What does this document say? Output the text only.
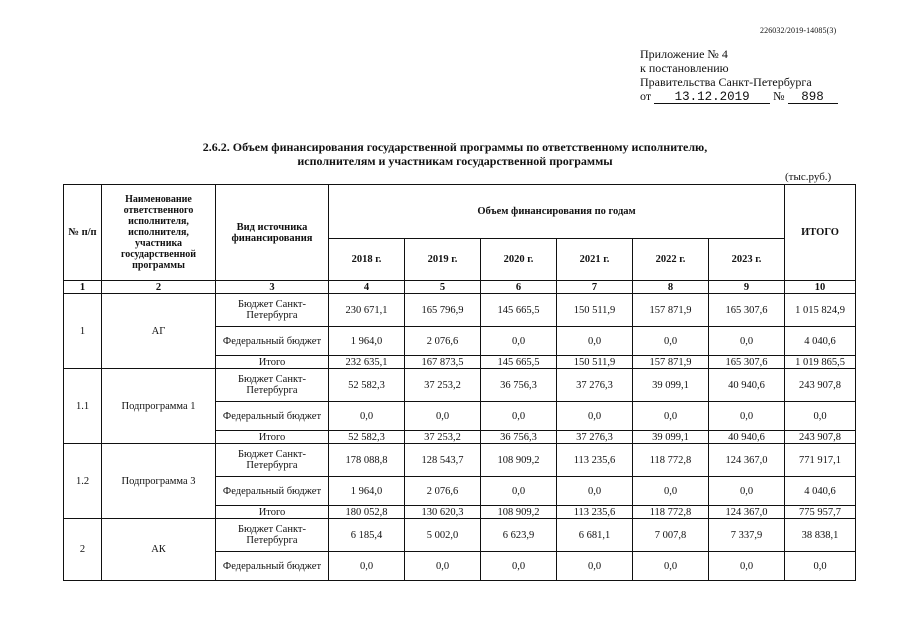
226032/2019-14085(3)
Приложение № 4
к постановлению
Правительства Санкт-Петербурга
от 13.12.2019 № 898
2.6.2. Объем финансирования государственной программы по ответственному исполнителю,
исполнителям и участникам государственной программы
(тыс.руб.)
№ п/п	Наименование ответственного исполнителя, исполнителя, участника государственной программы	Вид источника финансирования	Объем финансирования по годам						ИТОГО
			2018 г.	2019 г.	2020 г.	2021 г.	2022 г.	2023 г.	
1	2	3	4	5	6	7	8	9	10
1	АГ	Бюджет Санкт-Петербурга	230 671,1	165 796,9	145 665,5	150 511,9	157 871,9	165 307,6	1 015 824,9
		Федеральный бюджет	1 964,0	2 076,6	0,0	0,0	0,0	0,0	4 040,6
		Итого	232 635,1	167 873,5	145 665,5	150 511,9	157 871,9	165 307,6	1 019 865,5
1.1	Подпрограмма 1	Бюджет Санкт-Петербурга	52 582,3	37 253,2	36 756,3	37 276,3	39 099,1	40 940,6	243 907,8
		Федеральный бюджет	0,0	0,0	0,0	0,0	0,0	0,0	0,0
		Итого	52 582,3	37 253,2	36 756,3	37 276,3	39 099,1	40 940,6	243 907,8
1.2	Подпрограмма 3	Бюджет Санкт-Петербурга	178 088,8	128 543,7	108 909,2	113 235,6	118 772,8	124 367,0	771 917,1
		Федеральный бюджет	1 964,0	2 076,6	0,0	0,0	0,0	0,0	4 040,6
		Итого	180 052,8	130 620,3	108 909,2	113 235,6	118 772,8	124 367,0	775 957,7
2	АК	Бюджет Санкт-Петербурга	6 185,4	5 002,0	6 623,9	6 681,1	7 007,8	7 337,9	38 838,1
		Федеральный бюджет	0,0	0,0	0,0	0,0	0,0	0,0	0,0
